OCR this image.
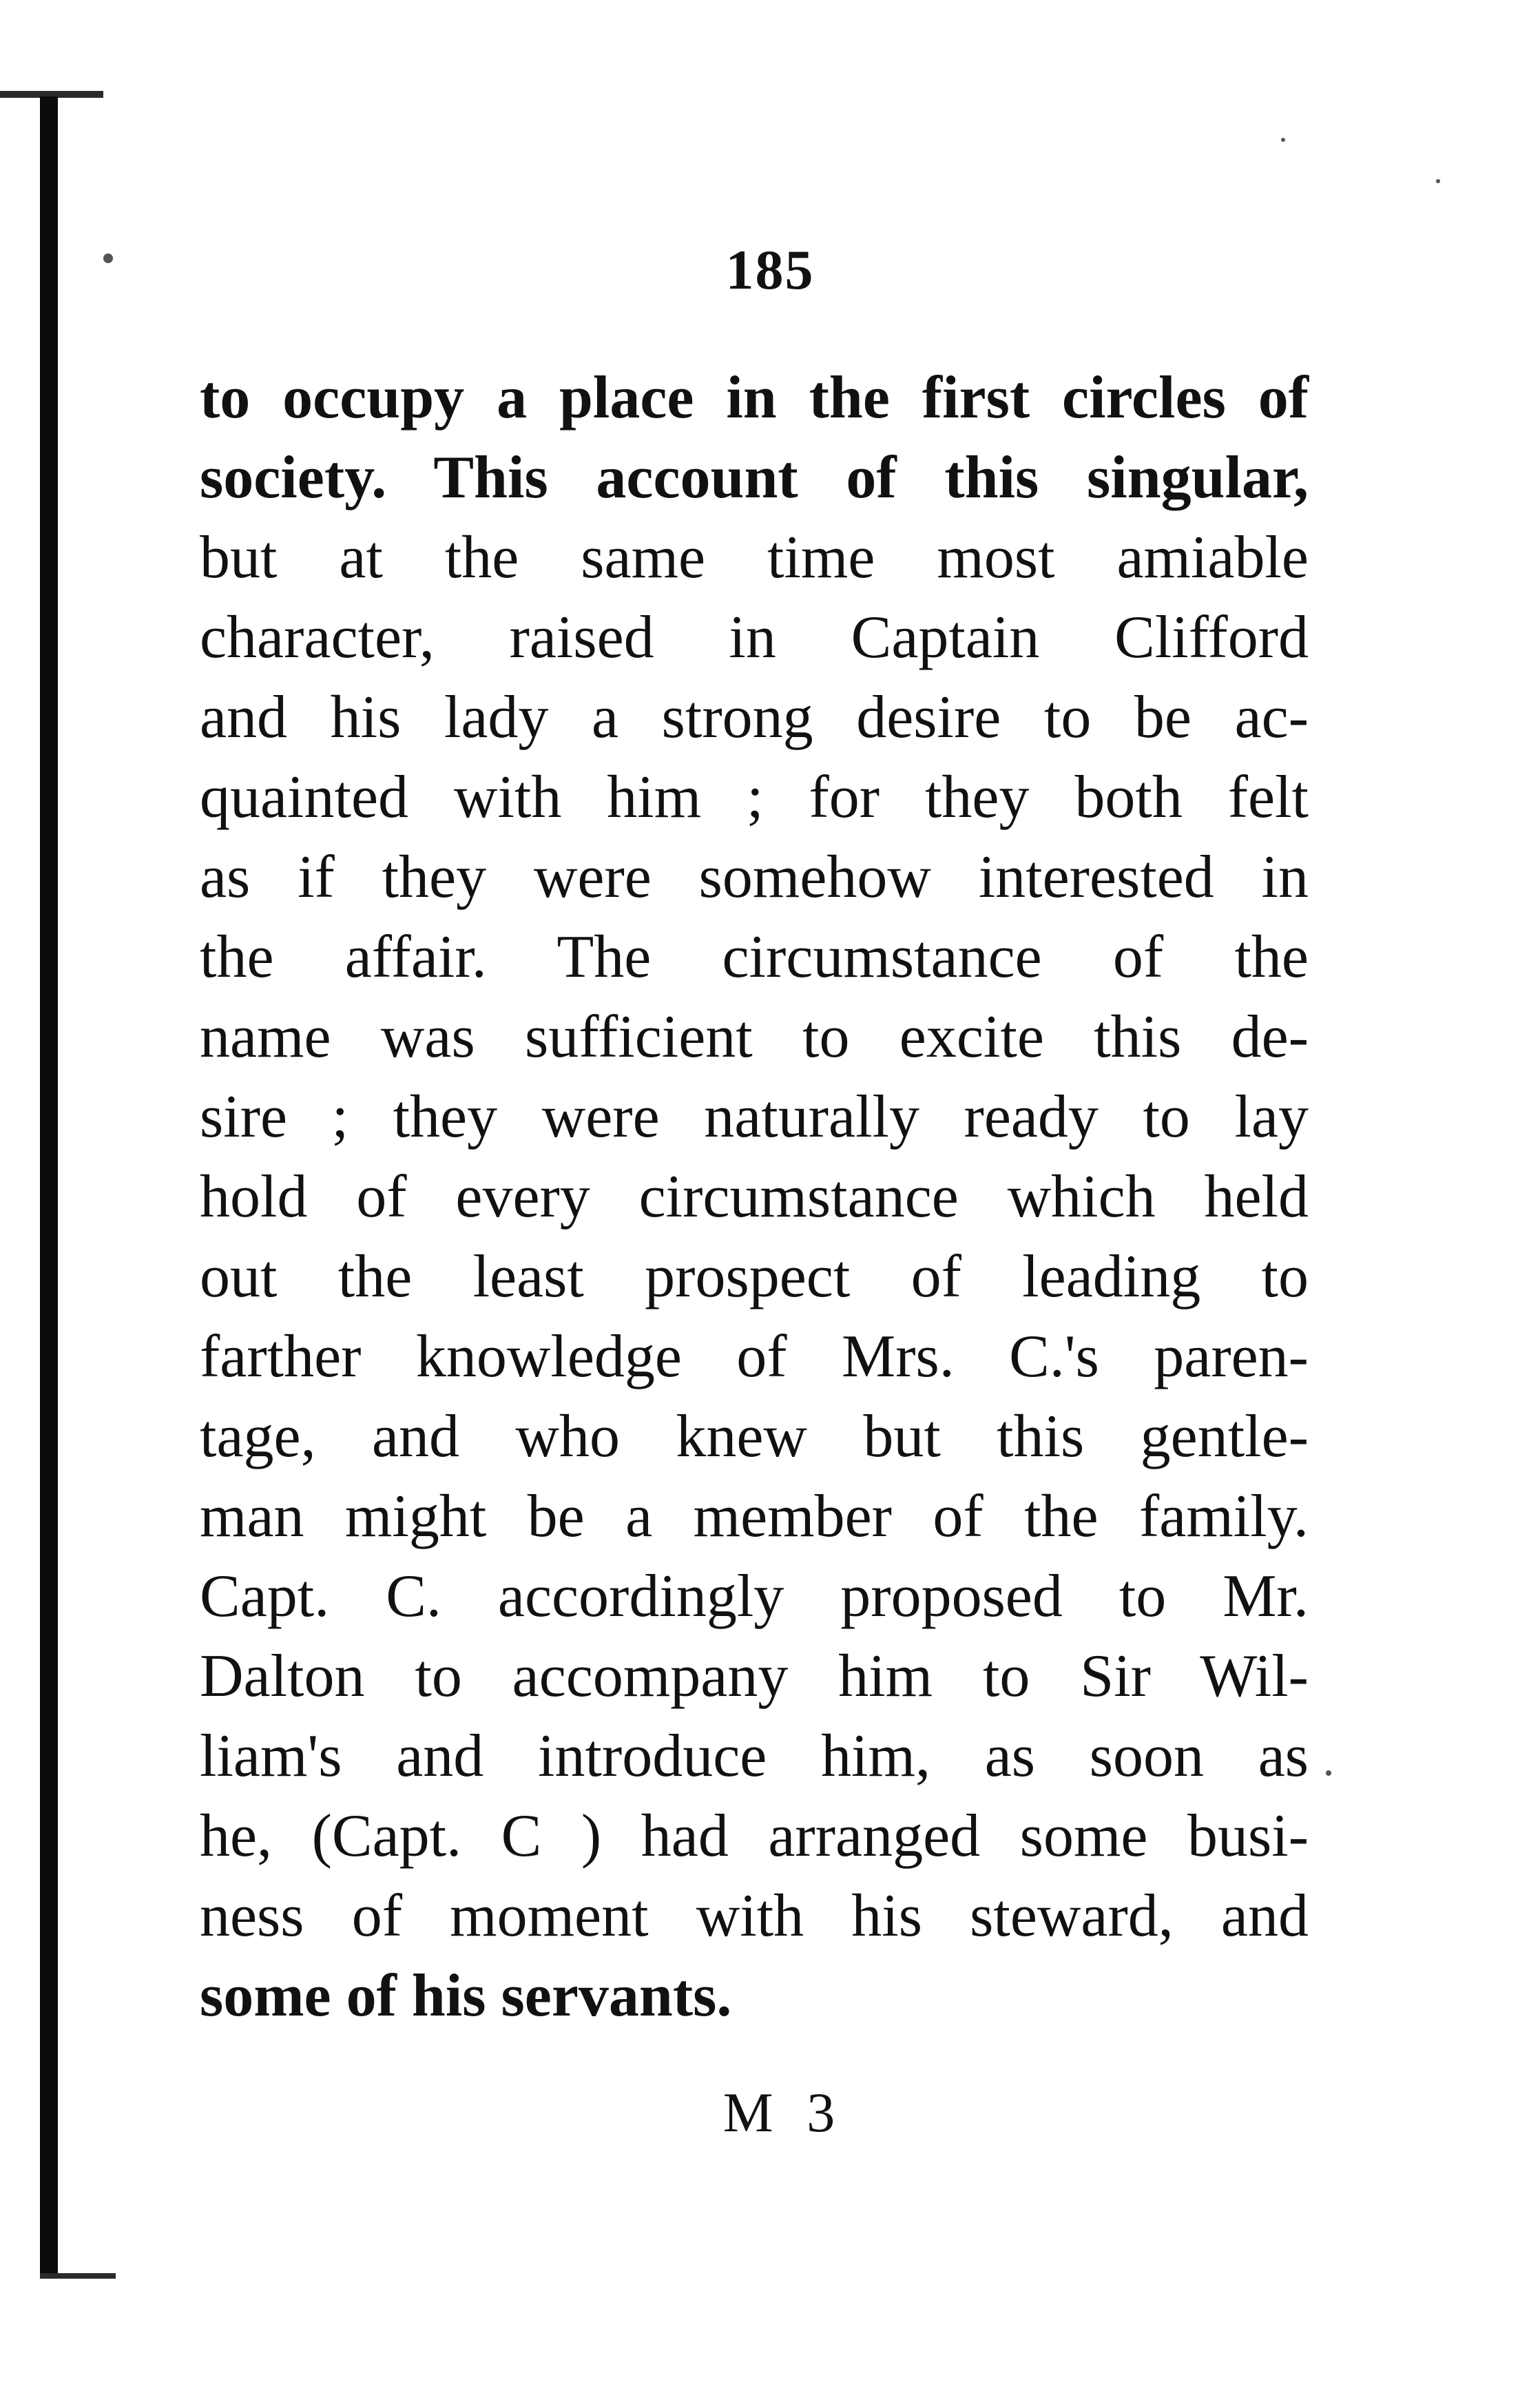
185
to occupy a place in the first circles of
society. This account of this singular,
but at the same time most amiable
character, raised in Captain Clifford
and his lady a strong desire to be ac-
quainted with him ; for they both felt
as if they were somehow interested in
the affair. The circumstance of the
name was sufficient to excite this de-
sire ; they were naturally ready to lay
hold of every circumstance which held
out the least prospect of leading to
farther knowledge of Mrs. C.'s paren-
tage, and who knew but this gentle-
man might be a member of the family.
Capt. C. accordingly proposed to Mr.
Dalton to accompany him to Sir Wil-
liam's and introduce him, as soon as
he, (Capt. C ) had arranged some busi-
ness of moment with his steward, and
some of his servants.
M 3
